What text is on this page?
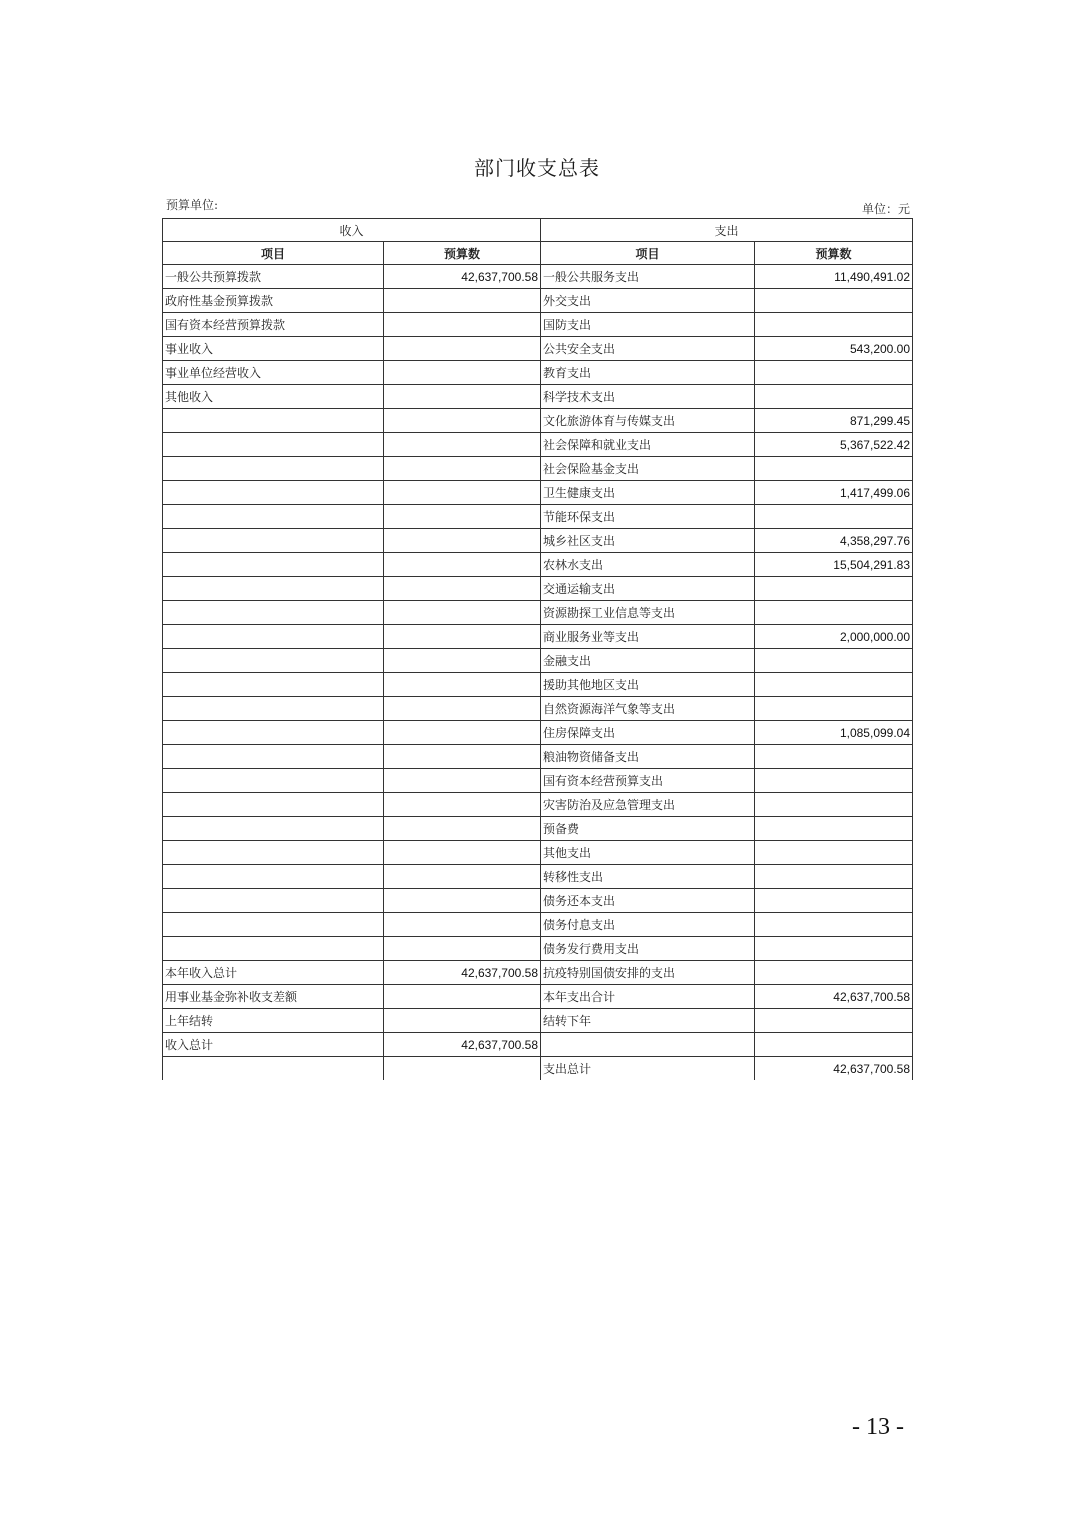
部门收支总表
预算单位:	单位：元
收入		支出	
项目	预算数	项目	预算数
一般公共预算拨款	42,637,700.58	一般公共服务支出	11,490,491.02
政府性基金预算拨款		外交支出	
国有资本经营预算拨款		国防支出	
事业收入		公共安全支出	543,200.00
事业单位经营收入		教育支出	
其他收入		科学技术支出	
		文化旅游体育与传媒支出	871,299.45
		社会保障和就业支出	5,367,522.42
		社会保险基金支出	
		卫生健康支出	1,417,499.06
		节能环保支出	
		城乡社区支出	4,358,297.76
		农林水支出	15,504,291.83
		交通运输支出	
		资源勘探工业信息等支出	
		商业服务业等支出	2,000,000.00
		金融支出	
		援助其他地区支出	
		自然资源海洋气象等支出	
		住房保障支出	1,085,099.04
		粮油物资储备支出	
		国有资本经营预算支出	
		灾害防治及应急管理支出	
		预备费	
		其他支出	
		转移性支出	
		债务还本支出	
		债务付息支出	
		债务发行费用支出	
本年收入总计	42,637,700.58	抗疫特别国债安排的支出	
用事业基金弥补收支差额		本年支出合计	42,637,700.58
上年结转		结转下年	
收入总计	42,637,700.58		
		支出总计	42,637,700.58
- 13 -
